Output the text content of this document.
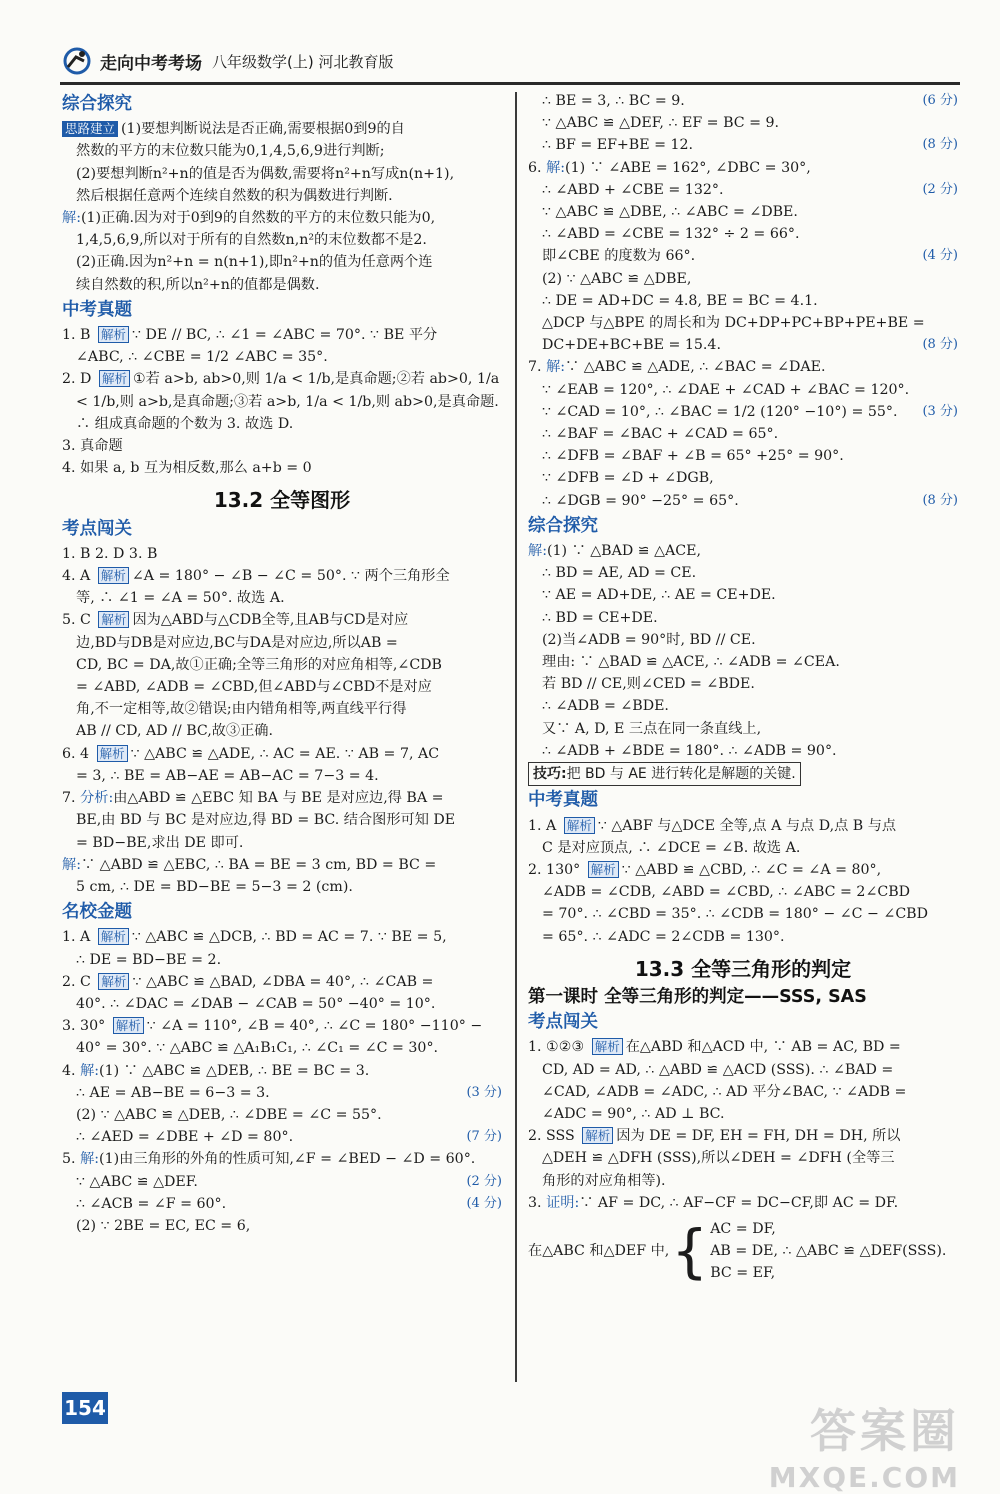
走向中考考场 八年级数学(上) 河北教育版
综合探究
思路建立 (1)要想判断说法是否正确,需要根据0到9的自
然数的平方的末位数只能为0,1,4,5,6,9进行判断;
(2)要想判断n²+n的值是否为偶数,需要将n²+n写成n(n+1),
然后根据任意两个连续自然数的积为偶数进行判断.
解:(1)正确.因为对于0到9的自然数的平方的末位数只能为0,
1,4,5,6,9,所以对于所有的自然数n,n²的末位数都不是2.
(2)正确.因为n²+n = n(n+1),即n²+n的值为任意两个连
续自然数的积,所以n²+n的值都是偶数.
中考真题
1. B 解析 ∵ DE // BC, ∴ ∠1 = ∠ABC = 70°. ∵ BE 平分
∠ABC, ∴ ∠CBE = 1/2 ∠ABC = 35°.
2. D 解析 ①若 a>b, ab>0,则 1/a < 1/b,是真命题;②若 ab>0, 1/a
< 1/b,则 a>b,是真命题;③若 a>b, 1/a < 1/b,则 ab>0,是真命题.
∴ 组成真命题的个数为 3. 故选 D.
3. 真命题
4. 如果 a, b 互为相反数,那么 a+b = 0
13.2 全等图形
考点闯关
1. B 2. D 3. B
4. A 解析 ∠A = 180° − ∠B − ∠C = 50°. ∵ 两个三角形全
等, ∴ ∠1 = ∠A = 50°. 故选 A.
5. C 解析 因为△ABD与△CDB全等,且AB与CD是对应
边,BD与DB是对应边,BC与DA是对应边,所以AB =
CD, BC = DA,故①正确;全等三角形的对应角相等,∠CDB
= ∠ABD, ∠ADB = ∠CBD,但∠ABD与∠CBD不是对应
角,不一定相等,故②错误;由内错角相等,两直线平行得
AB // CD, AD // BC,故③正确.
6. 4 解析 ∵ △ABC ≌ △ADE, ∴ AC = AE. ∵ AB = 7, AC
= 3, ∴ BE = AB−AE = AB−AC = 7−3 = 4.
7. 分析:由△ABD ≌ △EBC 知 BA 与 BE 是对应边,得 BA =
BE,由 BD 与 BC 是对应边,得 BD = BC. 结合图形可知 DE
= BD−BE,求出 DE 即可.
解:∵ △ABD ≌ △EBC, ∴ BA = BE = 3 cm, BD = BC =
5 cm, ∴ DE = BD−BE = 5−3 = 2 (cm).
名校金题
1. A 解析 ∵ △ABC ≌ △DCB, ∴ BD = AC = 7. ∵ BE = 5,
∴ DE = BD−BE = 2.
2. C 解析 ∵ △ABC ≌ △BAD, ∠DBA = 40°, ∴ ∠CAB =
40°. ∴ ∠DAC = ∠DAB − ∠CAB = 50° −40° = 10°.
3. 30° 解析 ∵ ∠A = 110°, ∠B = 40°, ∴ ∠C = 180° −110° −
40° = 30°. ∵ △ABC ≌ △A₁B₁C₁, ∴ ∠C₁ = ∠C = 30°.
4. 解:(1) ∵ △ABC ≌ △DEB, ∴ BE = BC = 3.
(3 分)
∴ AE = AB−BE = 6−3 = 3.
(2) ∵ △ABC ≌ △DEB, ∴ ∠DBE = ∠C = 55°.
(7 分)
∴ ∠AED = ∠DBE + ∠D = 80°.
5. 解:(1)由三角形的外角的性质可知,∠F = ∠BED − ∠D = 60°.
(2 分)
∵ △ABC ≌ △DEF.
(4 分)
∴ ∠ACB = ∠F = 60°.
(2) ∵ 2BE = EC, EC = 6,
(6 分)
∴ BE = 3, ∴ BC = 9.
∵ △ABC ≌ △DEF, ∴ EF = BC = 9.
(8 分)
∴ BF = EF+BE = 12.
6. 解:(1) ∵ ∠ABE = 162°, ∠DBC = 30°,
(2 分)
∴ ∠ABD + ∠CBE = 132°.
∵ △ABC ≌ △DBE, ∴ ∠ABC = ∠DBE.
∴ ∠ABD = ∠CBE = 132° ÷ 2 = 66°.
(4 分)
即∠CBE 的度数为 66°.
(2) ∵ △ABC ≌ △DBE,
∴ DE = AD+DC = 4.8, BE = BC = 4.1.
△DCP 与△BPE 的周长和为 DC+DP+PC+BP+PE+BE =
(8 分)
DC+DE+BC+BE = 15.4.
7. 解:∵ △ABC ≌ △ADE, ∴ ∠BAC = ∠DAE.
∵ ∠EAB = 120°, ∴ ∠DAE + ∠CAD + ∠BAC = 120°.
(3 分)
∵ ∠CAD = 10°, ∴ ∠BAC = 1/2 (120° −10°) = 55°.
∴ ∠BAF = ∠BAC + ∠CAD = 65°.
∴ ∠DFB = ∠BAF + ∠B = 65° +25° = 90°.
∵ ∠DFB = ∠D + ∠DGB,
(8 分)
∴ ∠DGB = 90° −25° = 65°.
综合探究
解:(1) ∵ △BAD ≌ △ACE,
∴ BD = AE, AD = CE.
∵ AE = AD+DE, ∴ AE = CE+DE.
∴ BD = CE+DE.
(2)当∠ADB = 90°时, BD // CE.
理由: ∵ △BAD ≌ △ACE, ∴ ∠ADB = ∠CEA.
若 BD // CE,则∠CED = ∠BDE.
∴ ∠ADB = ∠BDE.
又∵ A, D, E 三点在同一条直线上,
∴ ∠ADB + ∠BDE = 180°. ∴ ∠ADB = 90°.
技巧:把 BD 与 AE 进行转化是解题的关键.
中考真题
1. A 解析 ∵ △ABF 与△DCE 全等,点 A 与点 D,点 B 与点
C 是对应顶点, ∴ ∠DCE = ∠B. 故选 A.
2. 130° 解析 ∵ △ABD ≌ △CBD, ∴ ∠C = ∠A = 80°,
∠ADB = ∠CDB, ∠ABD = ∠CBD, ∴ ∠ABC = 2∠CBD
= 70°. ∴ ∠CBD = 35°. ∴ ∠CDB = 180° − ∠C − ∠CBD
= 65°. ∴ ∠ADC = 2∠CDB = 130°.
13.3 全等三角形的判定
第一课时 全等三角形的判定——SSS, SAS
考点闯关
1. ①②③ 解析 在△ABD 和△ACD 中, ∵ AB = AC, BD =
CD, AD = AD, ∴ △ABD ≌ △ACD (SSS). ∴ ∠BAD =
∠CAD, ∠ADB = ∠ADC, ∴ AD 平分∠BAC, ∵ ∠ADB =
∠ADC = 90°, ∴ AD ⊥ BC.
2. SSS 解析 因为 DE = DF, EH = FH, DH = DH, 所以
△DEH ≌ △DFH (SSS),所以∠DEH = ∠DFH (全等三
角形的对应角相等).
3. 证明:∵ AF = DC, ∴ AF−CF = DC−CF,即 AC = DF.
在△ABC 和△DEF 中, { AC = DF,
AB = DE, ∴ △ABC ≌ △DEF(SSS).
BC = EF,
154	答案圈
MXQE.COM
